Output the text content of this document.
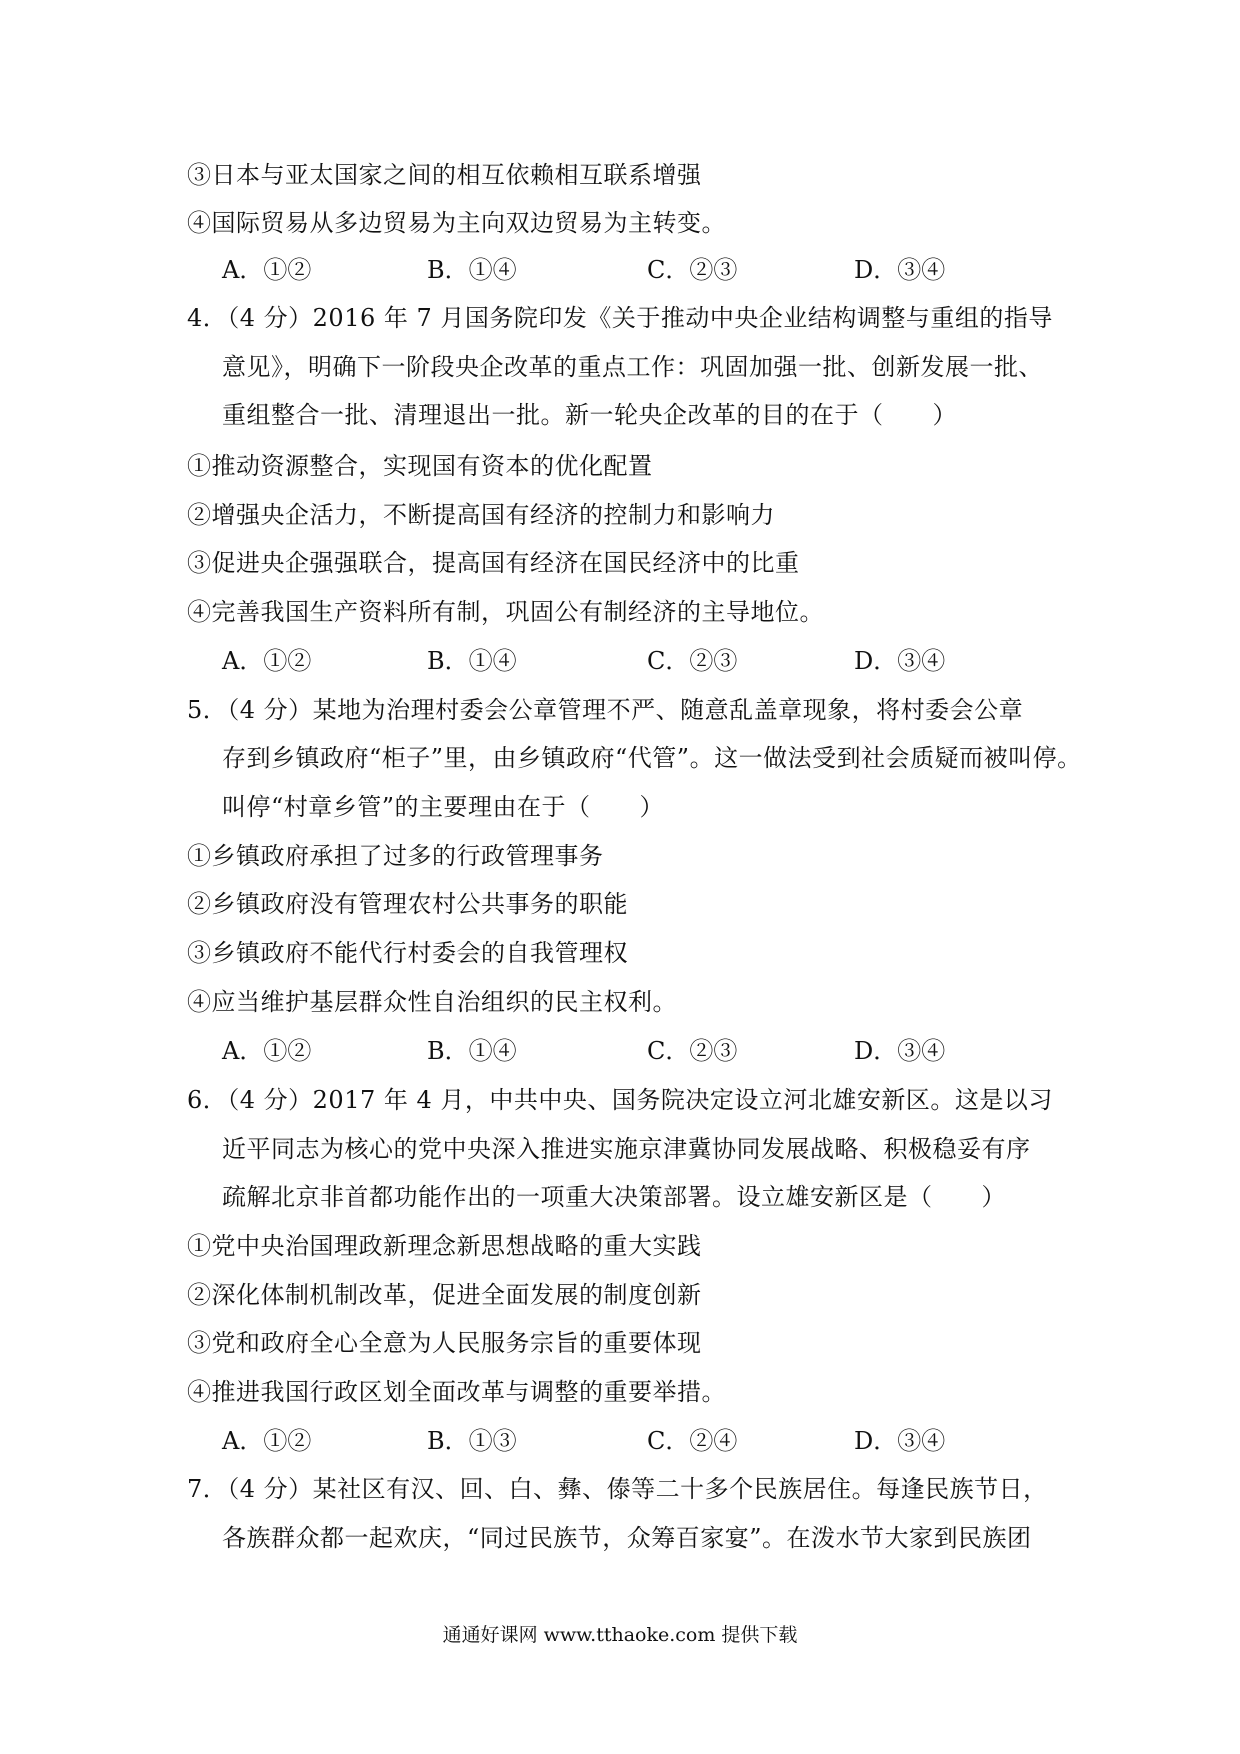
③日本与亚太国家之间的相互依赖相互联系增强
④国际贸易从多边贸易为主向双边贸易为主转变。
A．①②	B．①④	C．②③	D．③④
4．（4 分）2016 年 7 月国务院印发《关于推动中央企业结构调整与重组的指导
意见》，明确下一阶段央企改革的重点工作：巩固加强一批、创新发展一批、
重组整合一批、清理退出一批。新一轮央企改革的目的在于（　　）
①推动资源整合，实现国有资本的优化配置
②增强央企活力，不断提高国有经济的控制力和影响力
③促进央企强强联合，提高国有经济在国民经济中的比重
④完善我国生产资料所有制，巩固公有制经济的主导地位。
A．①②	B．①④	C．②③	D．③④
5．（4 分）某地为治理村委会公章管理不严、随意乱盖章现象，将村委会公章
存到乡镇政府“柜子”里，由乡镇政府“代管”。这一做法受到社会质疑而被叫停。
叫停“村章乡管”的主要理由在于（　　）
①乡镇政府承担了过多的行政管理事务
②乡镇政府没有管理农村公共事务的职能
③乡镇政府不能代行村委会的自我管理权
④应当维护基层群众性自治组织的民主权利。
A．①②	B．①④	C．②③	D．③④
6．（4 分）2017 年 4 月，中共中央、国务院决定设立河北雄安新区。这是以习
近平同志为核心的党中央深入推进实施京津冀协同发展战略、积极稳妥有序
疏解北京非首都功能作出的一项重大决策部署。设立雄安新区是（　　）
①党中央治国理政新理念新思想战略的重大实践
②深化体制机制改革，促进全面发展的制度创新
③党和政府全心全意为人民服务宗旨的重要体现
④推进我国行政区划全面改革与调整的重要举措。
A．①②	B．①③	C．②④	D．③④
7．（4 分）某社区有汉、回、白、彝、傣等二十多个民族居住。每逢民族节日，
各族群众都一起欢庆，“同过民族节，众筹百家宴”。在泼水节大家到民族团
通通好课网 www.tthaoke.com 提供下载
